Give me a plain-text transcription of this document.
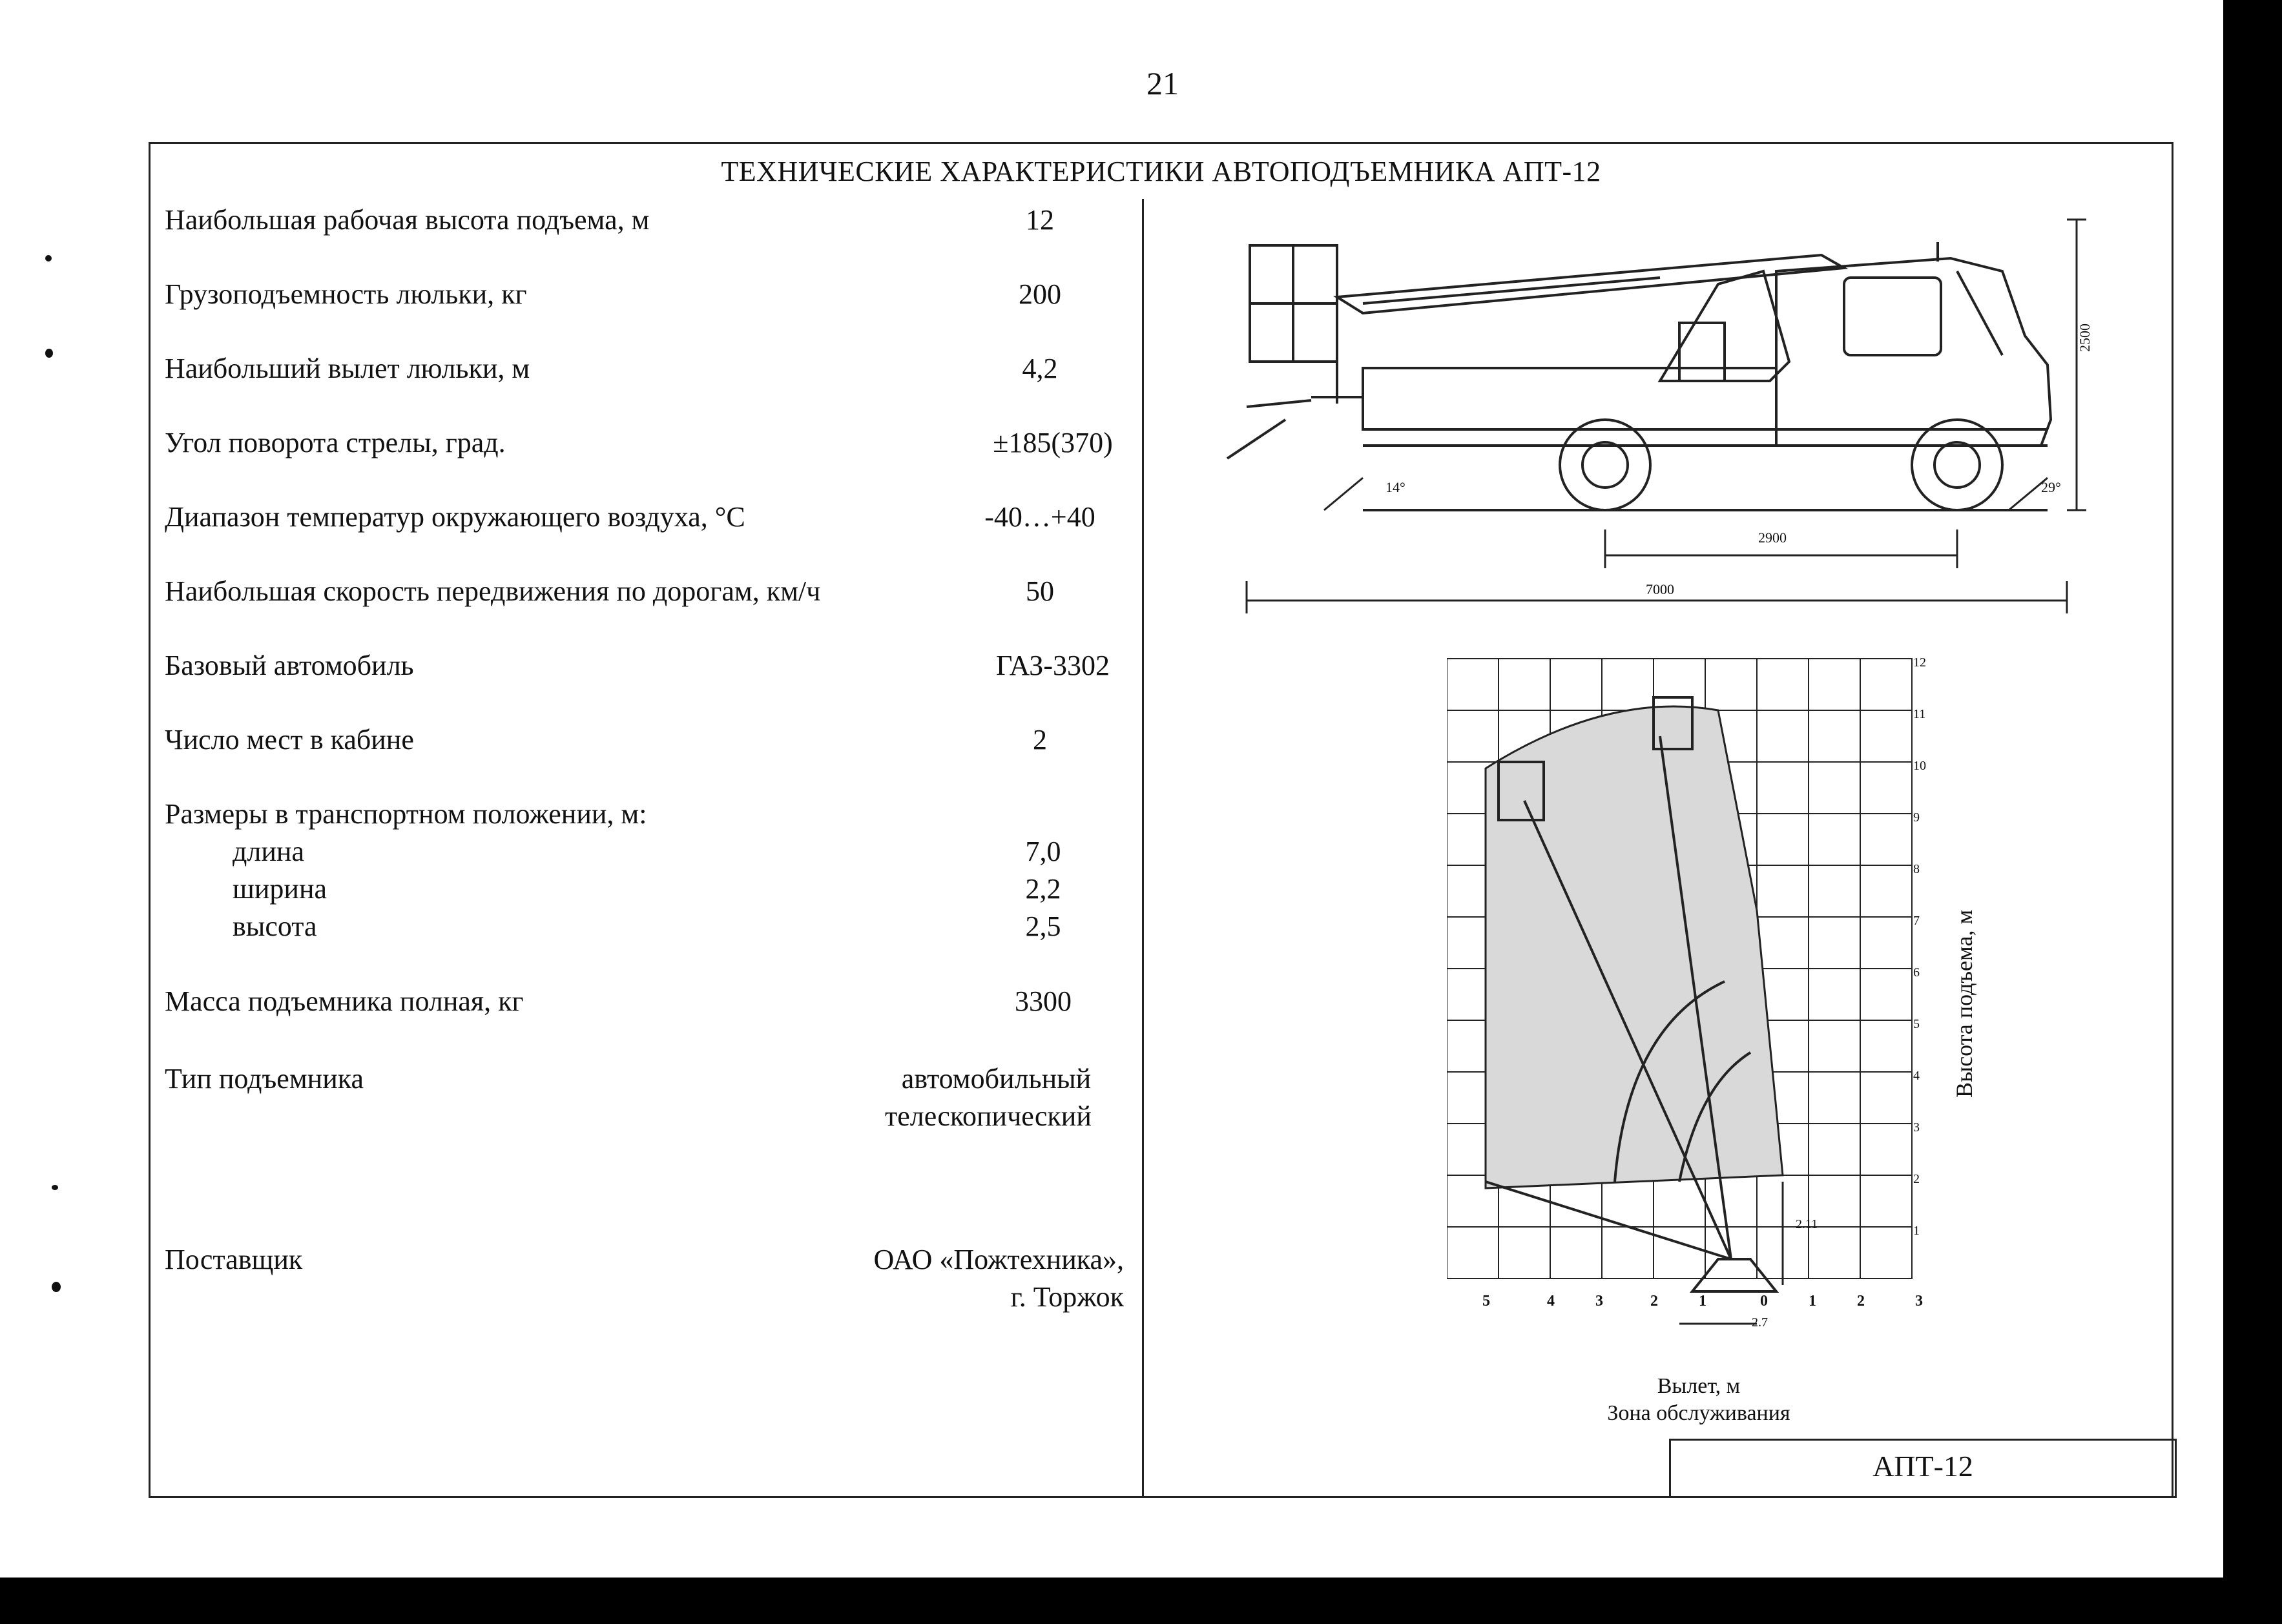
21
ТЕХНИЧЕСКИЕ ХАРАКТЕРИСТИКИ АВТОПОДЪЕМНИКА АПТ-12
Наибольшая рабочая высота подъема, м	12
Грузоподъемность люльки, кг	200
Наибольший вылет люльки, м	4,2
Угол поворота стрелы, град.	±185(370)
Диапазон температур окружающего воздуха, °С	-40…+40
Наибольшая скорость передвижения по дорогам, км/ч	50
Базовый автомобиль	ГАЗ-3302
Число мест в кабине	2
Размеры в транспортном положении, м:
длина	7,0
ширина	2,2
высота	2,5
Масса подъемника полная, кг	3300
Тип подъемника	автомобильный
телескопический
Поставщик	ОАО «Пожтехника»,
г. Торжок
2500
2900
7000
14°	29°
5	4	3	2	1	0	1	2	3
1
2
3
4
5
6
7
8
9
10
11
12
2.7
2.11
Вылет, м
Зона обслуживания
Высота подъема, м
АПТ-12
